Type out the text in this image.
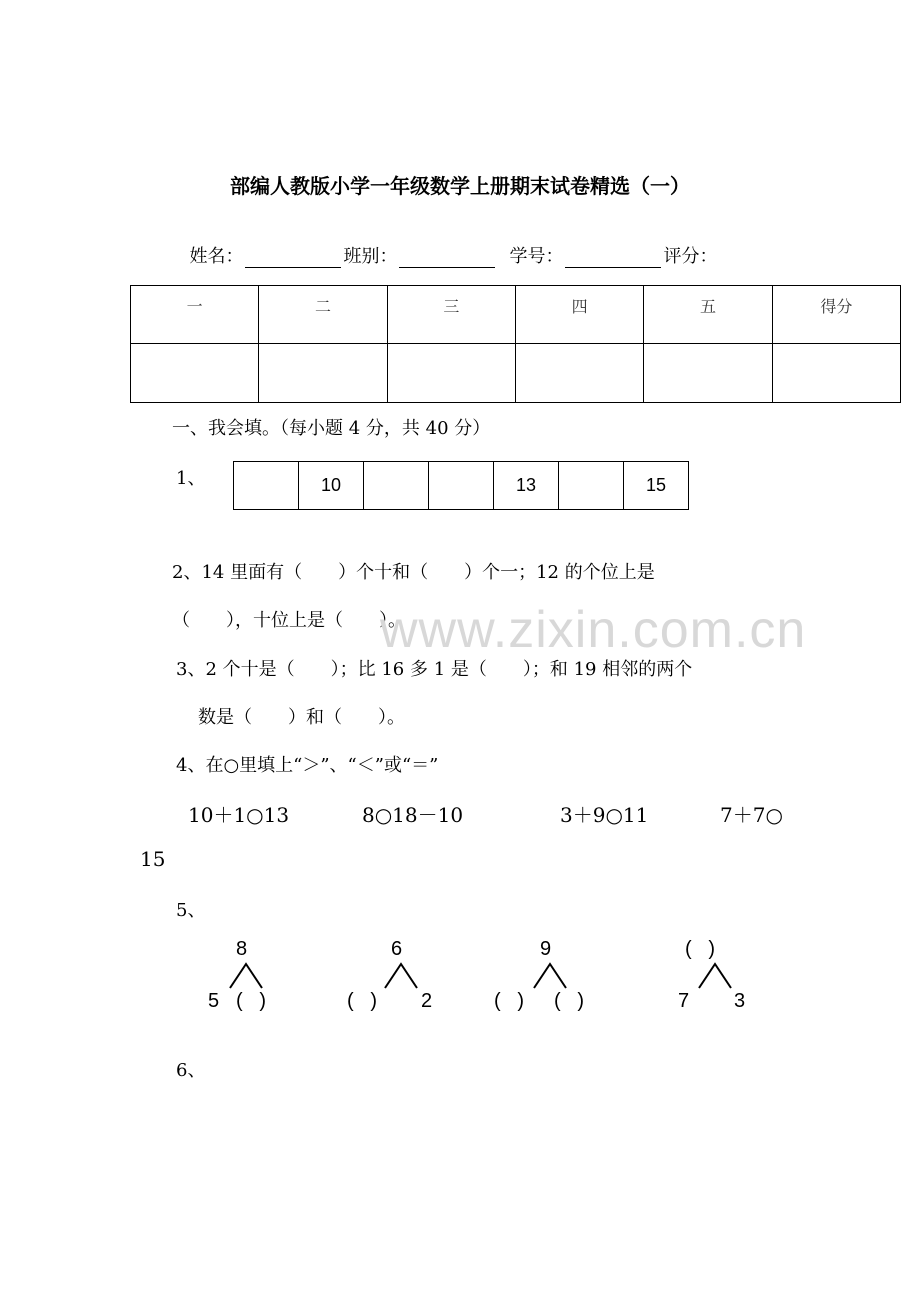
部编人教版小学一年级数学上册期末试卷精选（一）

姓名：	班别：	学号：	评分：

一	二	三	四	五	得分

一、我会填。（每小题 4 分，共 40 分）
1、
		10			13		15
2、14 里面有（　　）个十和（　　）个一；12 的个位上是
（　　），十位上是（　　）。
www.zixin.com.cn
3、2 个十是（　　）；比 16 多 1 是（　　）；和 19 相邻的两个
数是（　　）和（　　）。
4、在○里填上“＞”、“＜”或“＝”
10＋1○13	8○18－10	3＋9○11	7＋7○
15
5、
8
5 (   )
6
(   ) 2
9
(   ) (   )
(   )
7 3
6、
